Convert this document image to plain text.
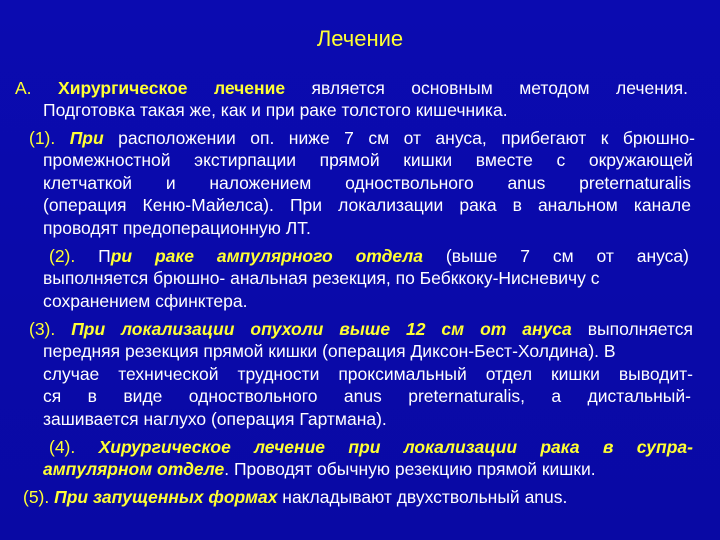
Лечение
А. Хирургическое лечение является основным методом лечения.
Подготовка такая же, как и при раке толстого кишечника.
(1). При расположении оп. ниже 7 см от ануса, прибегают к брюшно-
промежностной экстирпации прямой кишки вместе с окружающей
клетчаткой и наложением одноствольного anus preternaturalis
(операция Кеню-Майелса). При локализации рака в анальном канале
проводят предоперационную ЛТ.
(2). При раке ампулярного отдела (выше 7 см от ануса)
выполняется брюшно- анальная резекция, по Бебккоку-Нисневичу с
сохранением сфинктера.
(3). При локализации опухоли выше 12 см от ануса выполняется
передняя резекция прямой кишки (операция Диксон-Бест-Холдина). В
случае технической трудности проксимальный отдел кишки выводит-
ся в виде одноствольного anus preternaturalis, а дистальный-
зашивается наглухо (операция Гартмана).
(4). Хирургическое лечение при локализации рака в супра-
ампулярном отделе. Проводят обычную резекцию прямой кишки.
(5). При запущенных формах накладывают двухствольный anus.
